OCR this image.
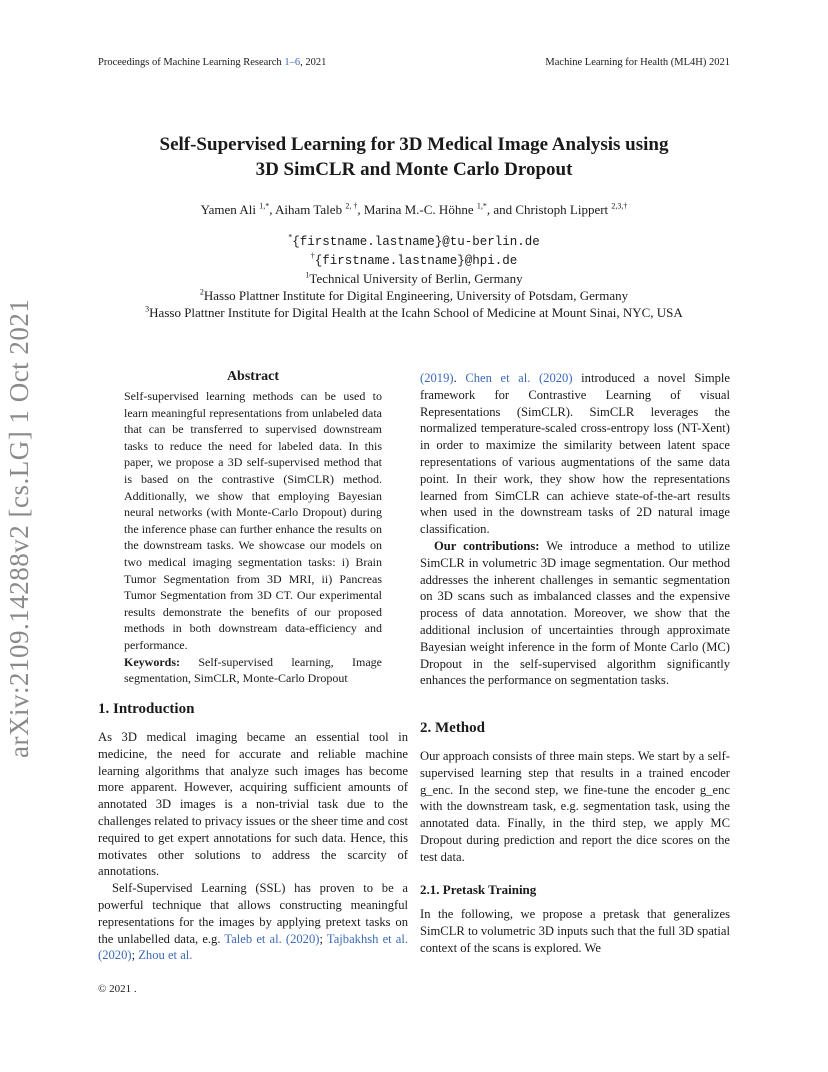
Proceedings of Machine Learning Research 1–6, 2021	Machine Learning for Health (ML4H) 2021
arXiv:2109.14288v2 [cs.LG] 1 Oct 2021
Self-Supervised Learning for 3D Medical Image Analysis using
3D SimCLR and Monte Carlo Dropout
Yamen Ali $^{1,*}$, Aiham Taleb $^{2, \dagger}$, Marina M.-C. Höhne $^{1,*}$, and Christoph Lippert $^{2,3,\dagger}$
*{firstname.lastname}@tu-berlin.de
†{firstname.lastname}@hpi.de
$^1$Technical University of Berlin, Germany
$^2$Hasso Plattner Institute for Digital Engineering, University of Potsdam, Germany
$^3$Hasso Plattner Institute for Digital Health at the Icahn School of Medicine at Mount Sinai, NYC, USA
Abstract

Self-supervised learning methods can be used to learn meaningful representations from unlabeled data that can be transferred to supervised downstream tasks to reduce the need for labeled data. In this paper, we propose a 3D self-supervised method that is based on the contrastive (SimCLR) method. Additionally, we show that employing Bayesian neural networks (with Monte-Carlo Dropout) during the inference phase can further enhance the results on the downstream tasks. We showcase our models on two medical imaging segmentation tasks: i) Brain Tumor Segmentation from 3D MRI, ii) Pancreas Tumor Segmentation from 3D CT. Our experimental results demonstrate the benefits of our proposed methods in both downstream data-efficiency and performance.

Keywords: Self-supervised learning, Image segmentation, SimCLR, Monte-Carlo Dropout

1. Introduction

As 3D medical imaging became an essential tool in medicine, the need for accurate and reliable machine learning algorithms that analyze such images has become more apparent. However, acquiring sufficient amounts of annotated 3D images is a non-trivial task due to the challenges related to privacy issues or the sheer time and cost required to get expert annotations for such data. Hence, this motivates other solutions to address the scarcity of annotations.

Self-Supervised Learning (SSL) has proven to be a powerful technique that allows constructing meaningful representations for the images by applying pretext tasks on the unlabelled data, e.g. Taleb et al. (2020); Tajbakhsh et al. (2020); Zhou et al.

(2019). Chen et al. (2020) introduced a novel Simple framework for Contrastive Learning of visual Representations (SimCLR). SimCLR leverages the normalized temperature-scaled cross-entropy loss (NT-Xent) in order to maximize the similarity between latent space representations of various augmentations of the same data point. In their work, they show how the representations learned from SimCLR can achieve state-of-the-art results when used in the downstream tasks of 2D natural image classification.

Our contributions: We introduce a method to utilize SimCLR in volumetric 3D image segmentation. Our method addresses the inherent challenges in semantic segmentation on 3D scans such as imbalanced classes and the expensive process of data annotation. Moreover, we show that the additional inclusion of uncertainties through approximate Bayesian weight inference in the form of Monte Carlo (MC) Dropout in the self-supervised algorithm significantly enhances the performance on segmentation tasks.

2. Method
Our approach consists of three main steps. We start by a self-supervised learning step that results in a trained encoder g_enc. In the second step, we fine-tune the encoder g_enc with the downstream task, e.g. segmentation task, using the annotated data. Finally, in the third step, we apply MC Dropout during prediction and report the dice scores on the test data.
2.1. Pretask Training
In the following, we propose a pretask that generalizes SimCLR to volumetric 3D inputs such that the full 3D spatial context of the scans is explored. We
© 2021 .
